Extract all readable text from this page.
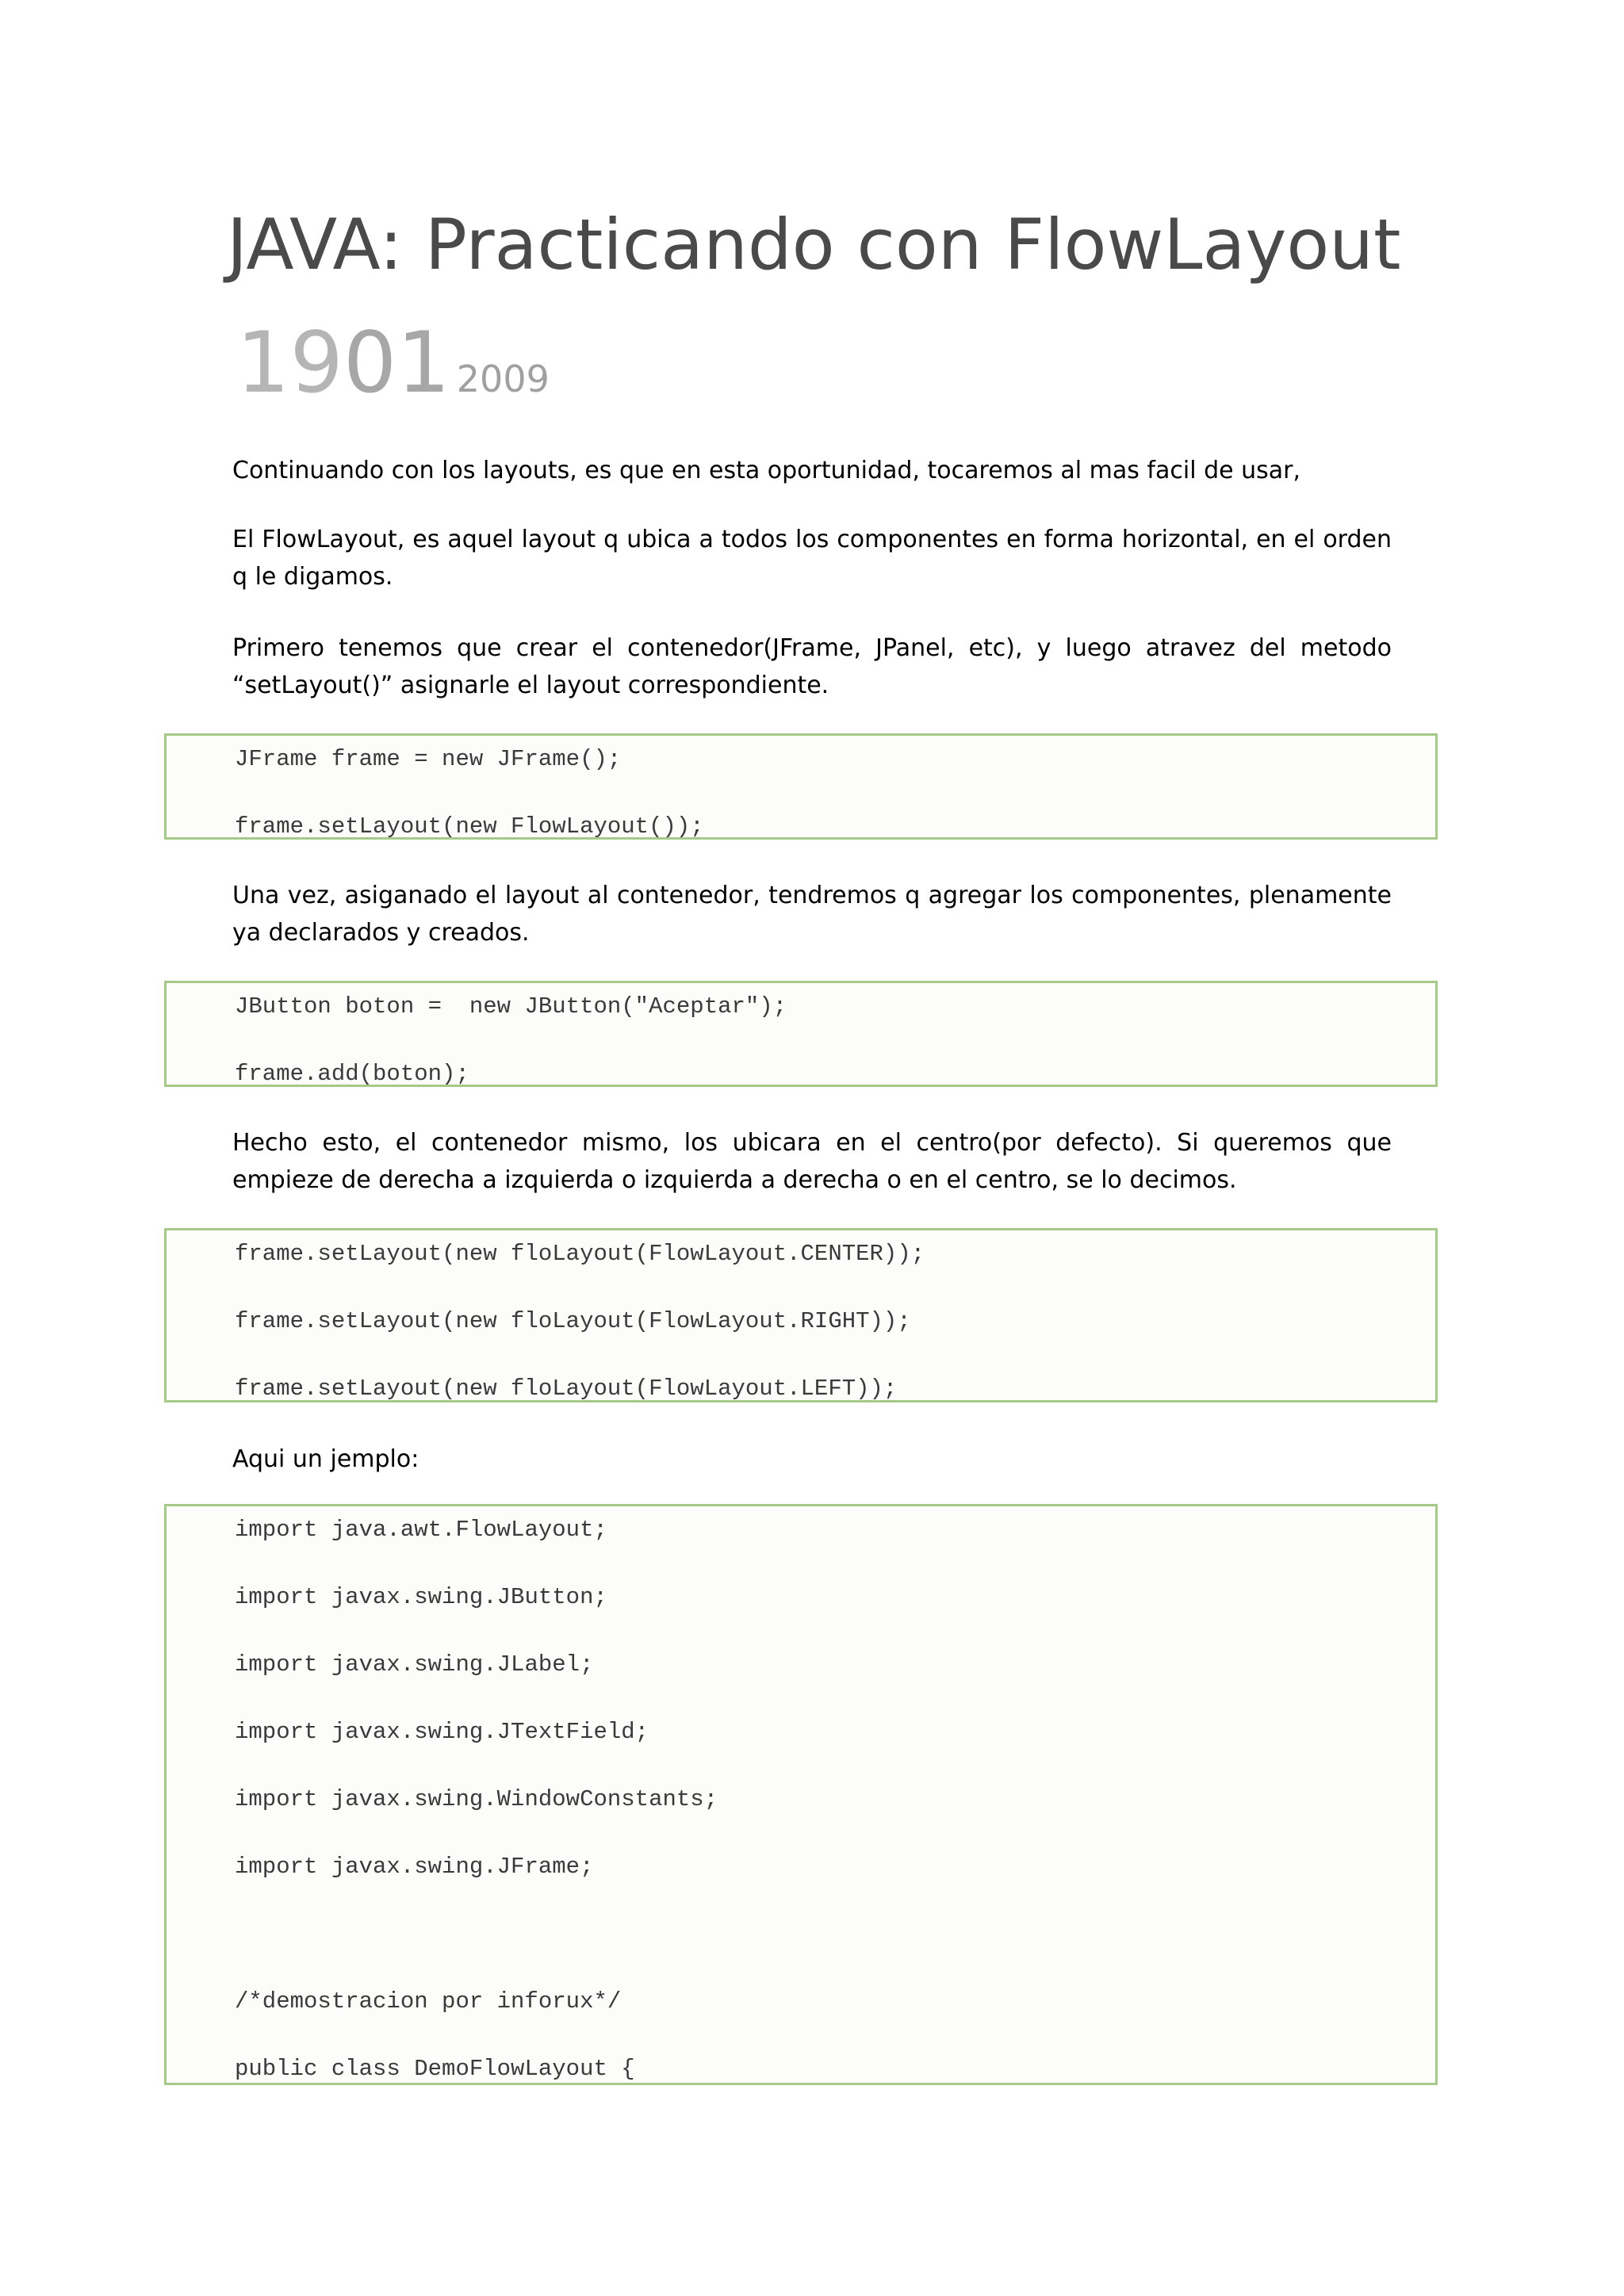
JAVA: Practicando con FlowLayout
1901 2009

Continuando con los layouts, es que en esta oportunidad, tocaremos al mas facil de usar,

El FlowLayout, es aquel layout q ubica a todos los componentes en forma horizontal, en el orden q le digamos.

Primero tenemos que crear el contenedor(JFrame, JPanel, etc), y luego atravez del metodo “setLayout()” asignarle el layout correspondiente.

JFrame frame = new JFrame();
frame.setLayout(new FlowLayout());

Una vez, asiganado el layout al contenedor, tendremos q agregar los componentes, plenamente ya declarados y creados.

JButton boton =  new JButton("Aceptar");
frame.add(boton);

Hecho esto, el contenedor mismo, los ubicara en el centro(por defecto). Si queremos que empieze de derecha a izquierda o izquierda a derecha o en el centro, se lo decimos.

frame.setLayout(new floLayout(FlowLayout.CENTER));
frame.setLayout(new floLayout(FlowLayout.RIGHT));
frame.setLayout(new floLayout(FlowLayout.LEFT));

Aqui un jemplo:

import java.awt.FlowLayout;
import javax.swing.JButton;
import javax.swing.JLabel;
import javax.swing.JTextField;
import javax.swing.WindowConstants;
import javax.swing.JFrame;
/*demostracion por inforux*/
public class DemoFlowLayout {
